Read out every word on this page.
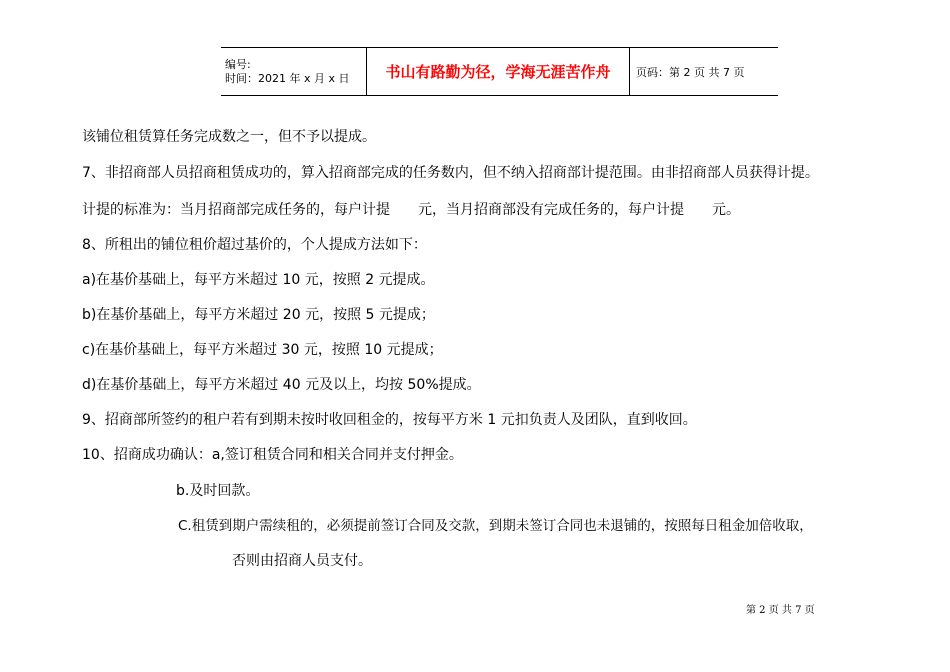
编号:
时间：2021 年 x 月 x 日	书山有路勤为径，学海无涯苦作舟	页码：第 2 页 共 7 页
该铺位租赁算任务完成数之一，但不予以提成。
7、非招商部人员招商租赁成功的，算入招商部完成的任务数内，但不纳入招商部计提范围。由非招商部人员获得计提。
计提的标准为：当月招商部完成任务的，每户计提　　元，当月招商部没有完成任务的，每户计提　　元。
8、所租出的铺位租价超过基价的，个人提成方法如下：
a)在基价基础上，每平方米超过 10 元，按照 2 元提成。
b)在基价基础上，每平方米超过 20 元，按照 5 元提成；
c)在基价基础上，每平方米超过 30 元，按照 10 元提成；
d)在基价基础上，每平方米超过 40 元及以上，均按 50%提成。
9、招商部所签约的租户若有到期未按时收回租金的，按每平方米 1 元扣负责人及团队，直到收回。
10、招商成功确认：a,签订租赁合同和相关合同并支付押金。
b.及时回款。
C.租赁到期户需续租的，必须提前签订合同及交款，到期未签订合同也未退铺的，按照每日租金加倍收取，
否则由招商人员支付。
第 2 页 共 7 页
